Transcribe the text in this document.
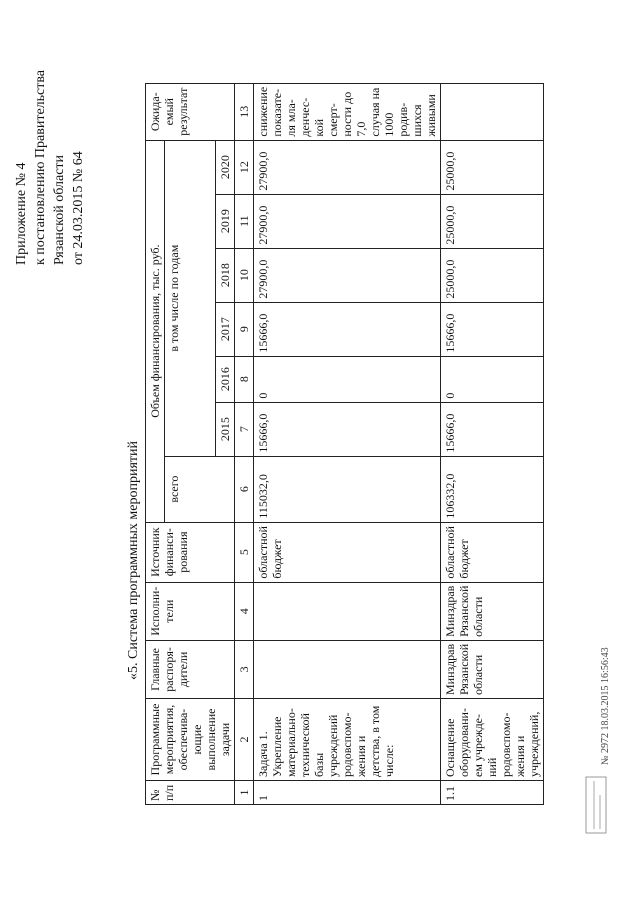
Приложение № 4 к постановлению Правительства Рязанской области от 24.03.2015 № 64
«5. Система программных мероприятий
№ п/п	Программные мероприятия, обеспечива-ющие выполнение задачи	Главные распоря-дители	Исполни-тели	Источник финанси-рования	Объем финансирования, тыс. руб.							Ожида-емый результат
					всего	в том числе по годам						
						2015	2016	2017	2018	2019	2020	
1	2	3	4	5	6	7	8	9	10	11	12	13
1	Задача 1. Укрепление материально-технической базы учреждений родовспомо-жения и детства, в том числе:			областной бюджет	115032,0	15666,0	0	15666,0	27900,0	27900,0	27900,0	снижение показате-ля мла-денчес-кой смерт-ности до 7,0 случая на 1000 родив-шихся живыми
1.1	Оснащение оборудовани-ем учрежде-ний родовспомо-жения и учреждений,	Минздрав Рязанской области	Минздрав Рязанской области	областной бюджет	106332,0	15666,0	0	15666,0	25000,0	25000,0	25000,0	
№ 2972 18.03.2015 16:56:43
